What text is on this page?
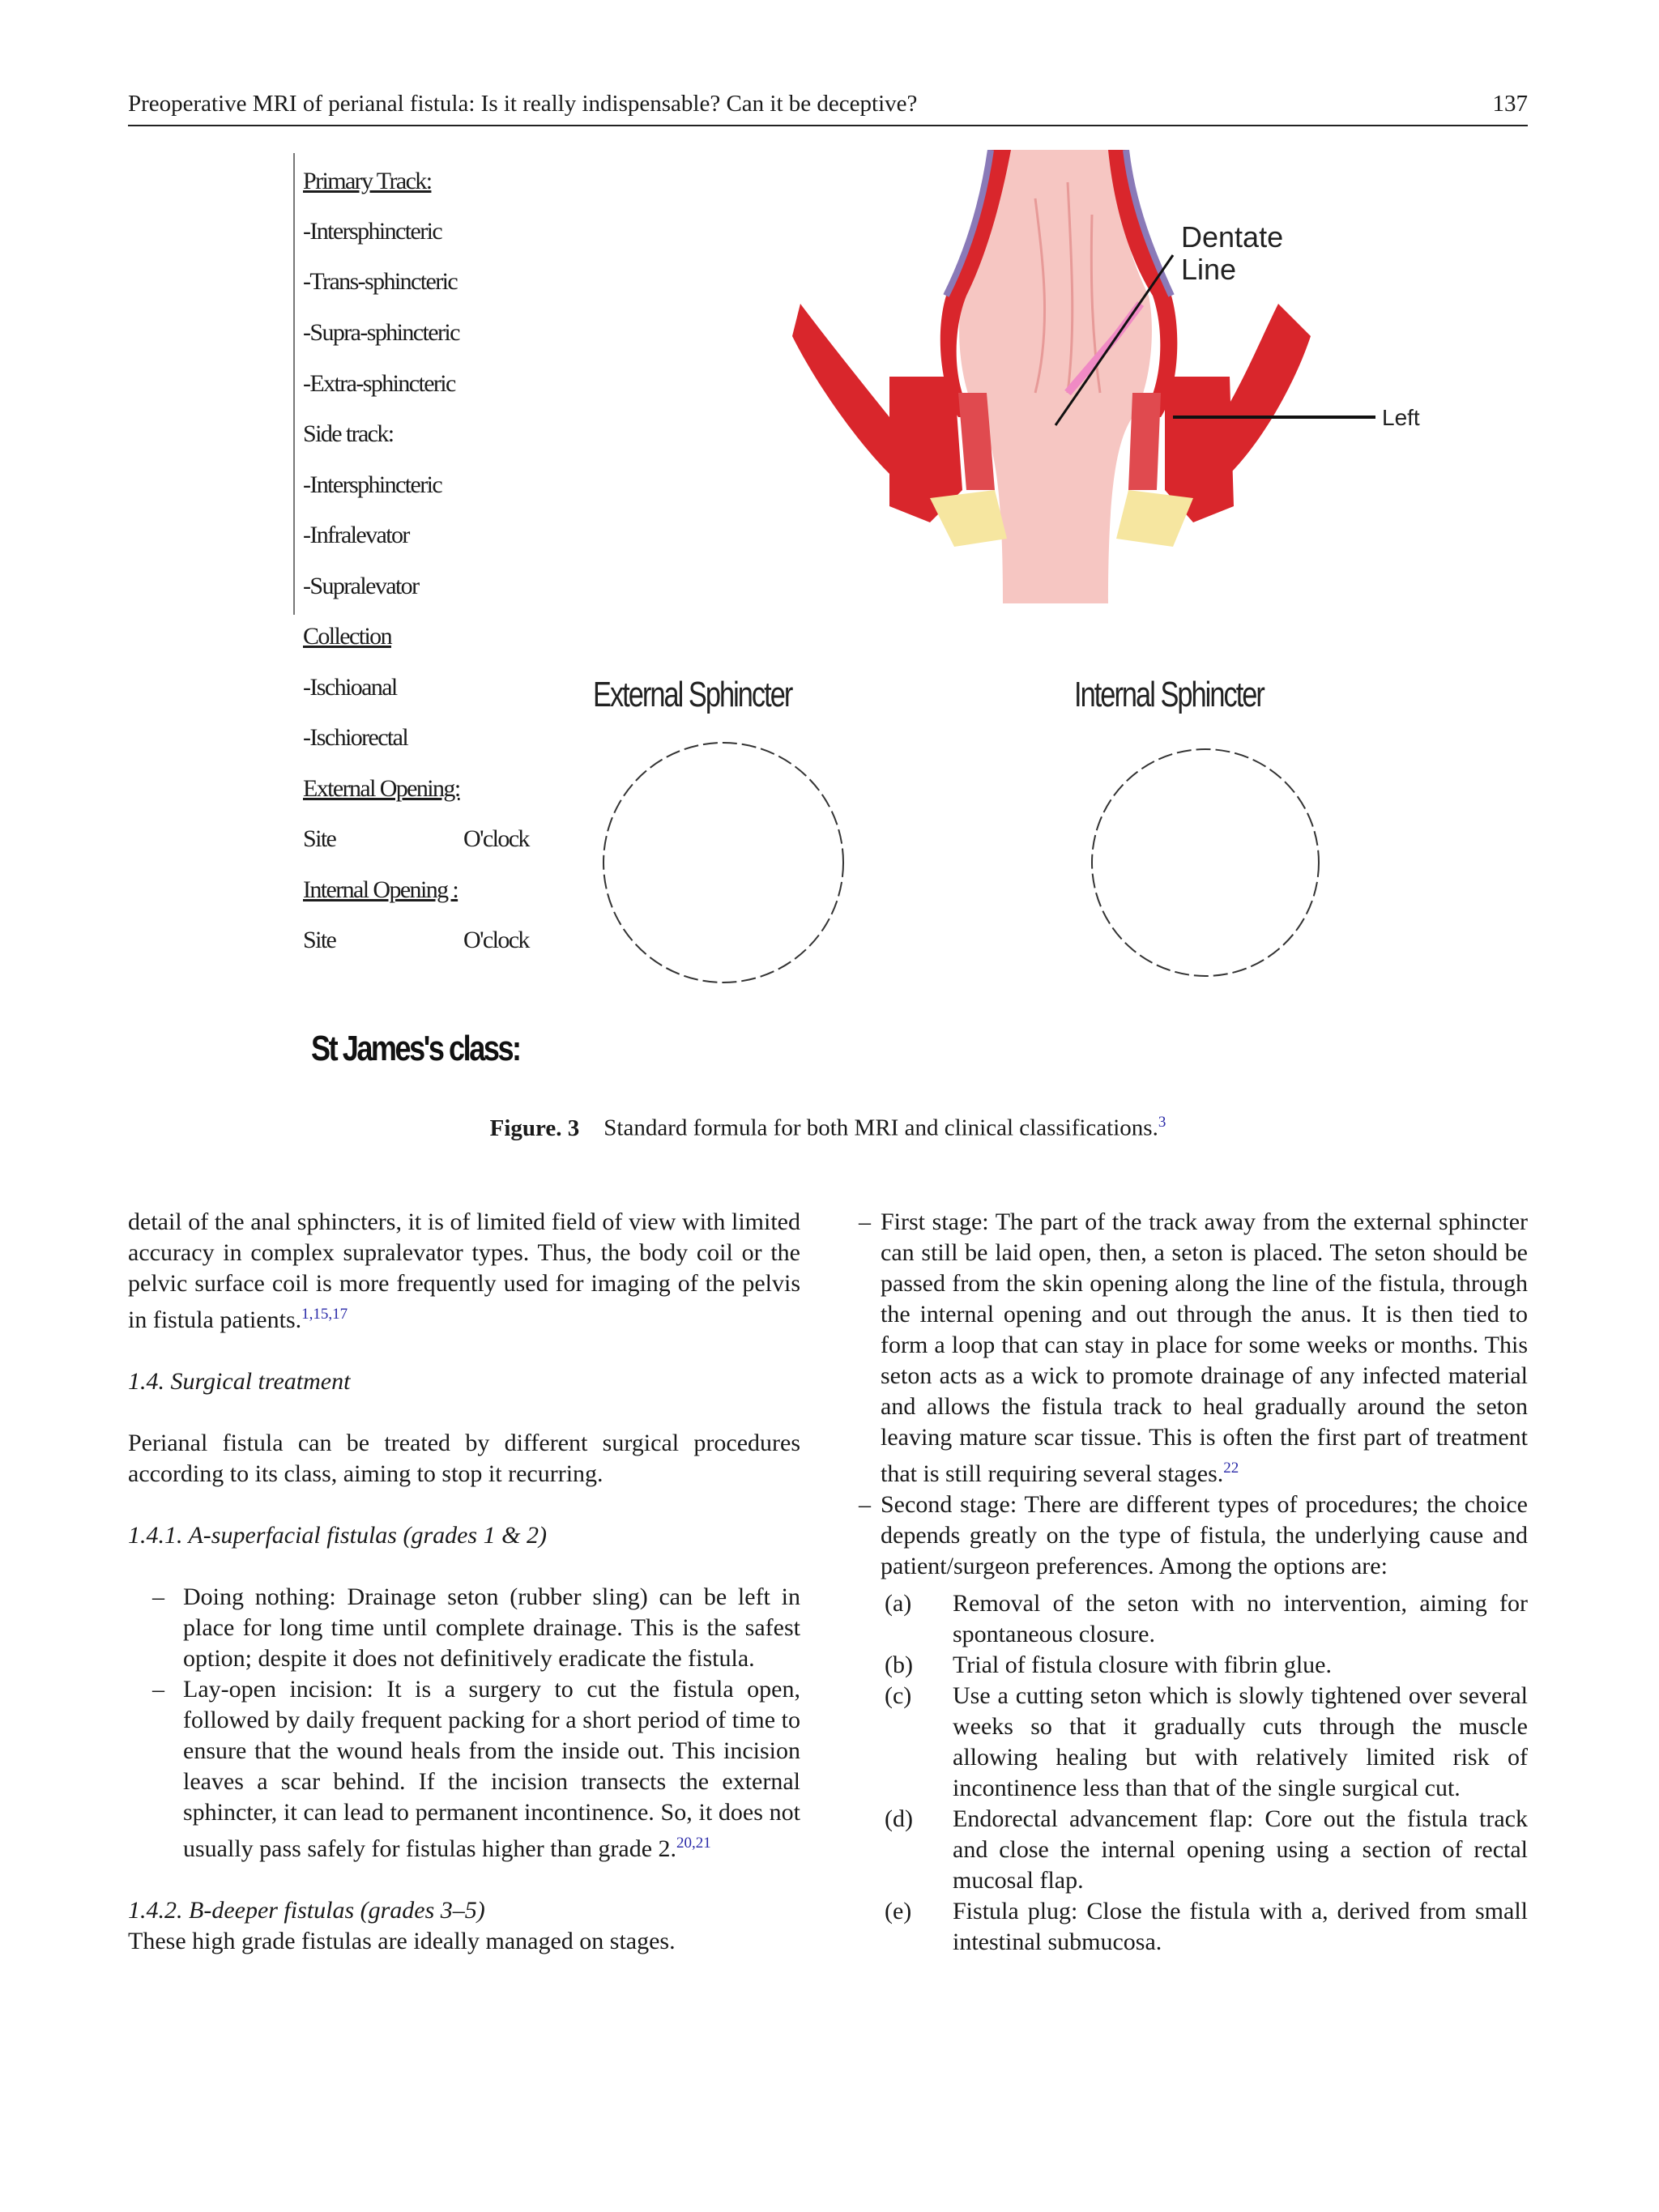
Preoperative MRI of perianal fistula: Is it really indispensable? Can it be deceptive?	137
Primary Track:
-Intersphincteric
-Trans-sphincteric
-Supra-sphincteric
-Extra-sphincteric
Side track:
-Intersphincteric
-Infralevator
-Supralevator
Collection
-Ischioanal
-Ischiorectal
External Opening:
Site	O'clock
Internal Opening :
Site	O'clock
Dentate
Line
Left
External Sphincter	Internal Sphincter
St James's class:
Figure. 3 Standard formula for both MRI and clinical classifications.$^3$

detail of the anal sphincters, it is of limited field of view with limited accuracy in complex supralevator types. Thus, the body coil or the pelvic surface coil is more frequently used for imaging of the pelvis in fistula patients.$^{1,15,17}$

1.4. Surgical treatment

Perianal fistula can be treated by different surgical procedures according to its class, aiming to stop it recurring.

1.4.1. A-superfacial fistulas (grades 1 & 2)

– Doing nothing: Drainage seton (rubber sling) can be left in place for long time until complete drainage. This is the safest option; despite it does not definitively eradicate the fistula.

– Lay-open incision: It is a surgery to cut the fistula open, followed by daily frequent packing for a short period of time to ensure that the wound heals from the inside out. This incision leaves a scar behind. If the incision transects the external sphincter, it can lead to permanent incontinence. So, it does not usually pass safely for fistulas higher than grade 2.$^{20,21}$

1.4.2. B-deeper fistulas (grades 3–5)

These high grade fistulas are ideally managed on stages.

– First stage: The part of the track away from the external sphincter can still be laid open, then, a seton is placed. The seton should be passed from the skin opening along the line of the fistula, through the internal opening and out through the anus. It is then tied to form a loop that can stay in place for some weeks or months. This seton acts as a wick to promote drainage of any infected material and allows the fistula track to heal gradually around the seton leaving mature scar tissue. This is often the first part of treatment that is still requiring several stages.$^{22}$

– Second stage: There are different types of procedures; the choice depends greatly on the type of fistula, the underlying cause and patient/surgeon preferences. Among the options are:

(a) Removal of the seton with no intervention, aiming for spontaneous closure.

(b) Trial of fistula closure with fibrin glue.

(c) Use a cutting seton which is slowly tightened over several weeks so that it gradually cuts through the muscle allowing healing but with relatively limited risk of incontinence less than that of the single surgical cut.

(d) Endorectal advancement flap: Core out the fistula track and close the internal opening using a section of rectal mucosal flap.

(e) Fistula plug: Close the fistula with a, derived from small intestinal submucosa.
